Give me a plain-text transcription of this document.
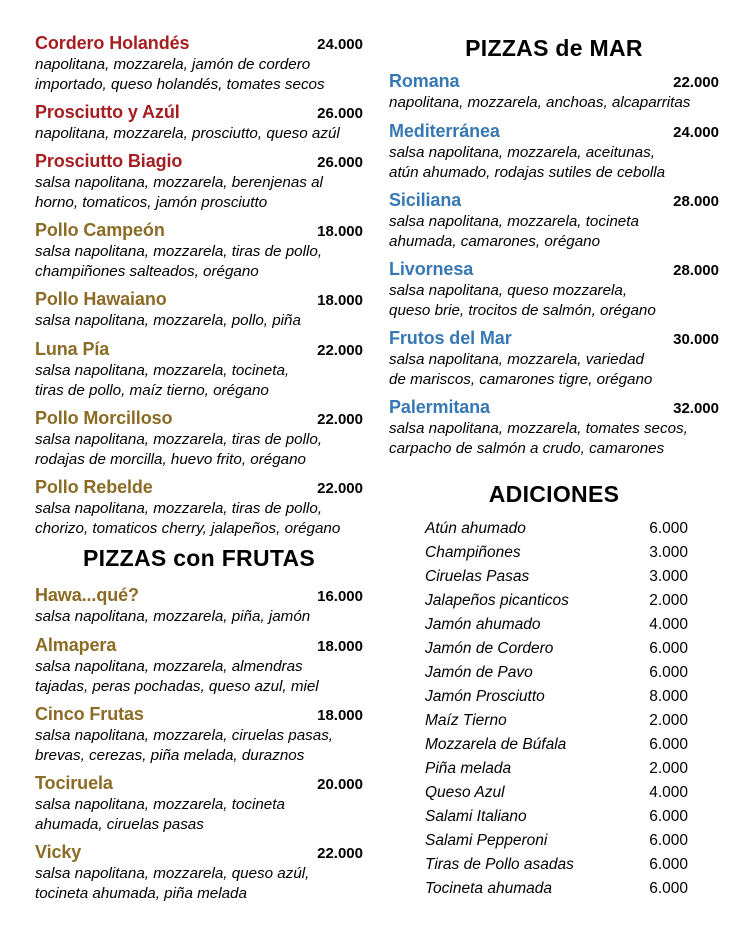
Cordero Holandés	24.000
napolitana, mozzarela, jamón de cordero
importado, queso holandés, tomates secos
Prosciutto y Azúl	26.000
napolitana, mozzarela, prosciutto, queso azúl
Prosciutto Biagio	26.000
salsa napolitana, mozzarela, berenjenas al
horno, tomaticos, jamón prosciutto
Pollo Campeón	18.000
salsa napolitana, mozzarela, tiras de pollo,
champiñones salteados, orégano
Pollo Hawaiano	18.000
salsa napolitana, mozzarela, pollo, piña
Luna Pía	22.000
salsa napolitana, mozzarela, tocineta,
tiras de pollo, maíz tierno, orégano
Pollo Morcilloso	22.000
salsa napolitana, mozzarela, tiras de pollo,
rodajas de morcilla, huevo frito, orégano
Pollo Rebelde	22.000
salsa napolitana, mozzarela, tiras de pollo,
chorizo, tomaticos cherry, jalapeños, orégano
PIZZAS con FRUTAS
Hawa...qué?	16.000
salsa napolitana, mozzarela, piña, jamón
Almapera	18.000
salsa napolitana, mozzarela, almendras
tajadas, peras pochadas, queso azul, miel
Cinco Frutas	18.000
salsa napolitana, mozzarela, ciruelas pasas,
brevas, cerezas, piña melada, duraznos
Tociruela	20.000
salsa napolitana, mozzarela, tocineta
ahumada, ciruelas pasas
Vicky	22.000
salsa napolitana, mozzarela, queso azúl,
tocineta ahumada, piña melada
PIZZAS de MAR
Romana	22.000
napolitana, mozzarela, anchoas, alcaparritas
Mediterránea	24.000
salsa napolitana, mozzarela, aceitunas,
atún ahumado, rodajas sutiles de cebolla
Siciliana	28.000
salsa napolitana, mozzarela, tocineta
ahumada, camarones, orégano
Livornesa	28.000
salsa napolitana, queso mozzarela,
queso brie, trocitos de salmón, orégano
Frutos del Mar	30.000
salsa napolitana, mozzarela, variedad
de mariscos, camarones tigre, orégano
Palermitana	32.000
salsa napolitana, mozzarela, tomates secos,
carpacho de salmón a crudo, camarones
ADICIONES
Atún ahumado	6.000
Champiñones	3.000
Ciruelas Pasas	3.000
Jalapeños picanticos	2.000
Jamón ahumado	4.000
Jamón de Cordero	6.000
Jamón de Pavo	6.000
Jamón Prosciutto	8.000
Maíz Tierno	2.000
Mozzarela de Búfala	6.000
Piña melada	2.000
Queso Azul	4.000
Salami Italiano	6.000
Salami Pepperoni	6.000
Tiras de Pollo asadas	6.000
Tocineta ahumada	6.000
